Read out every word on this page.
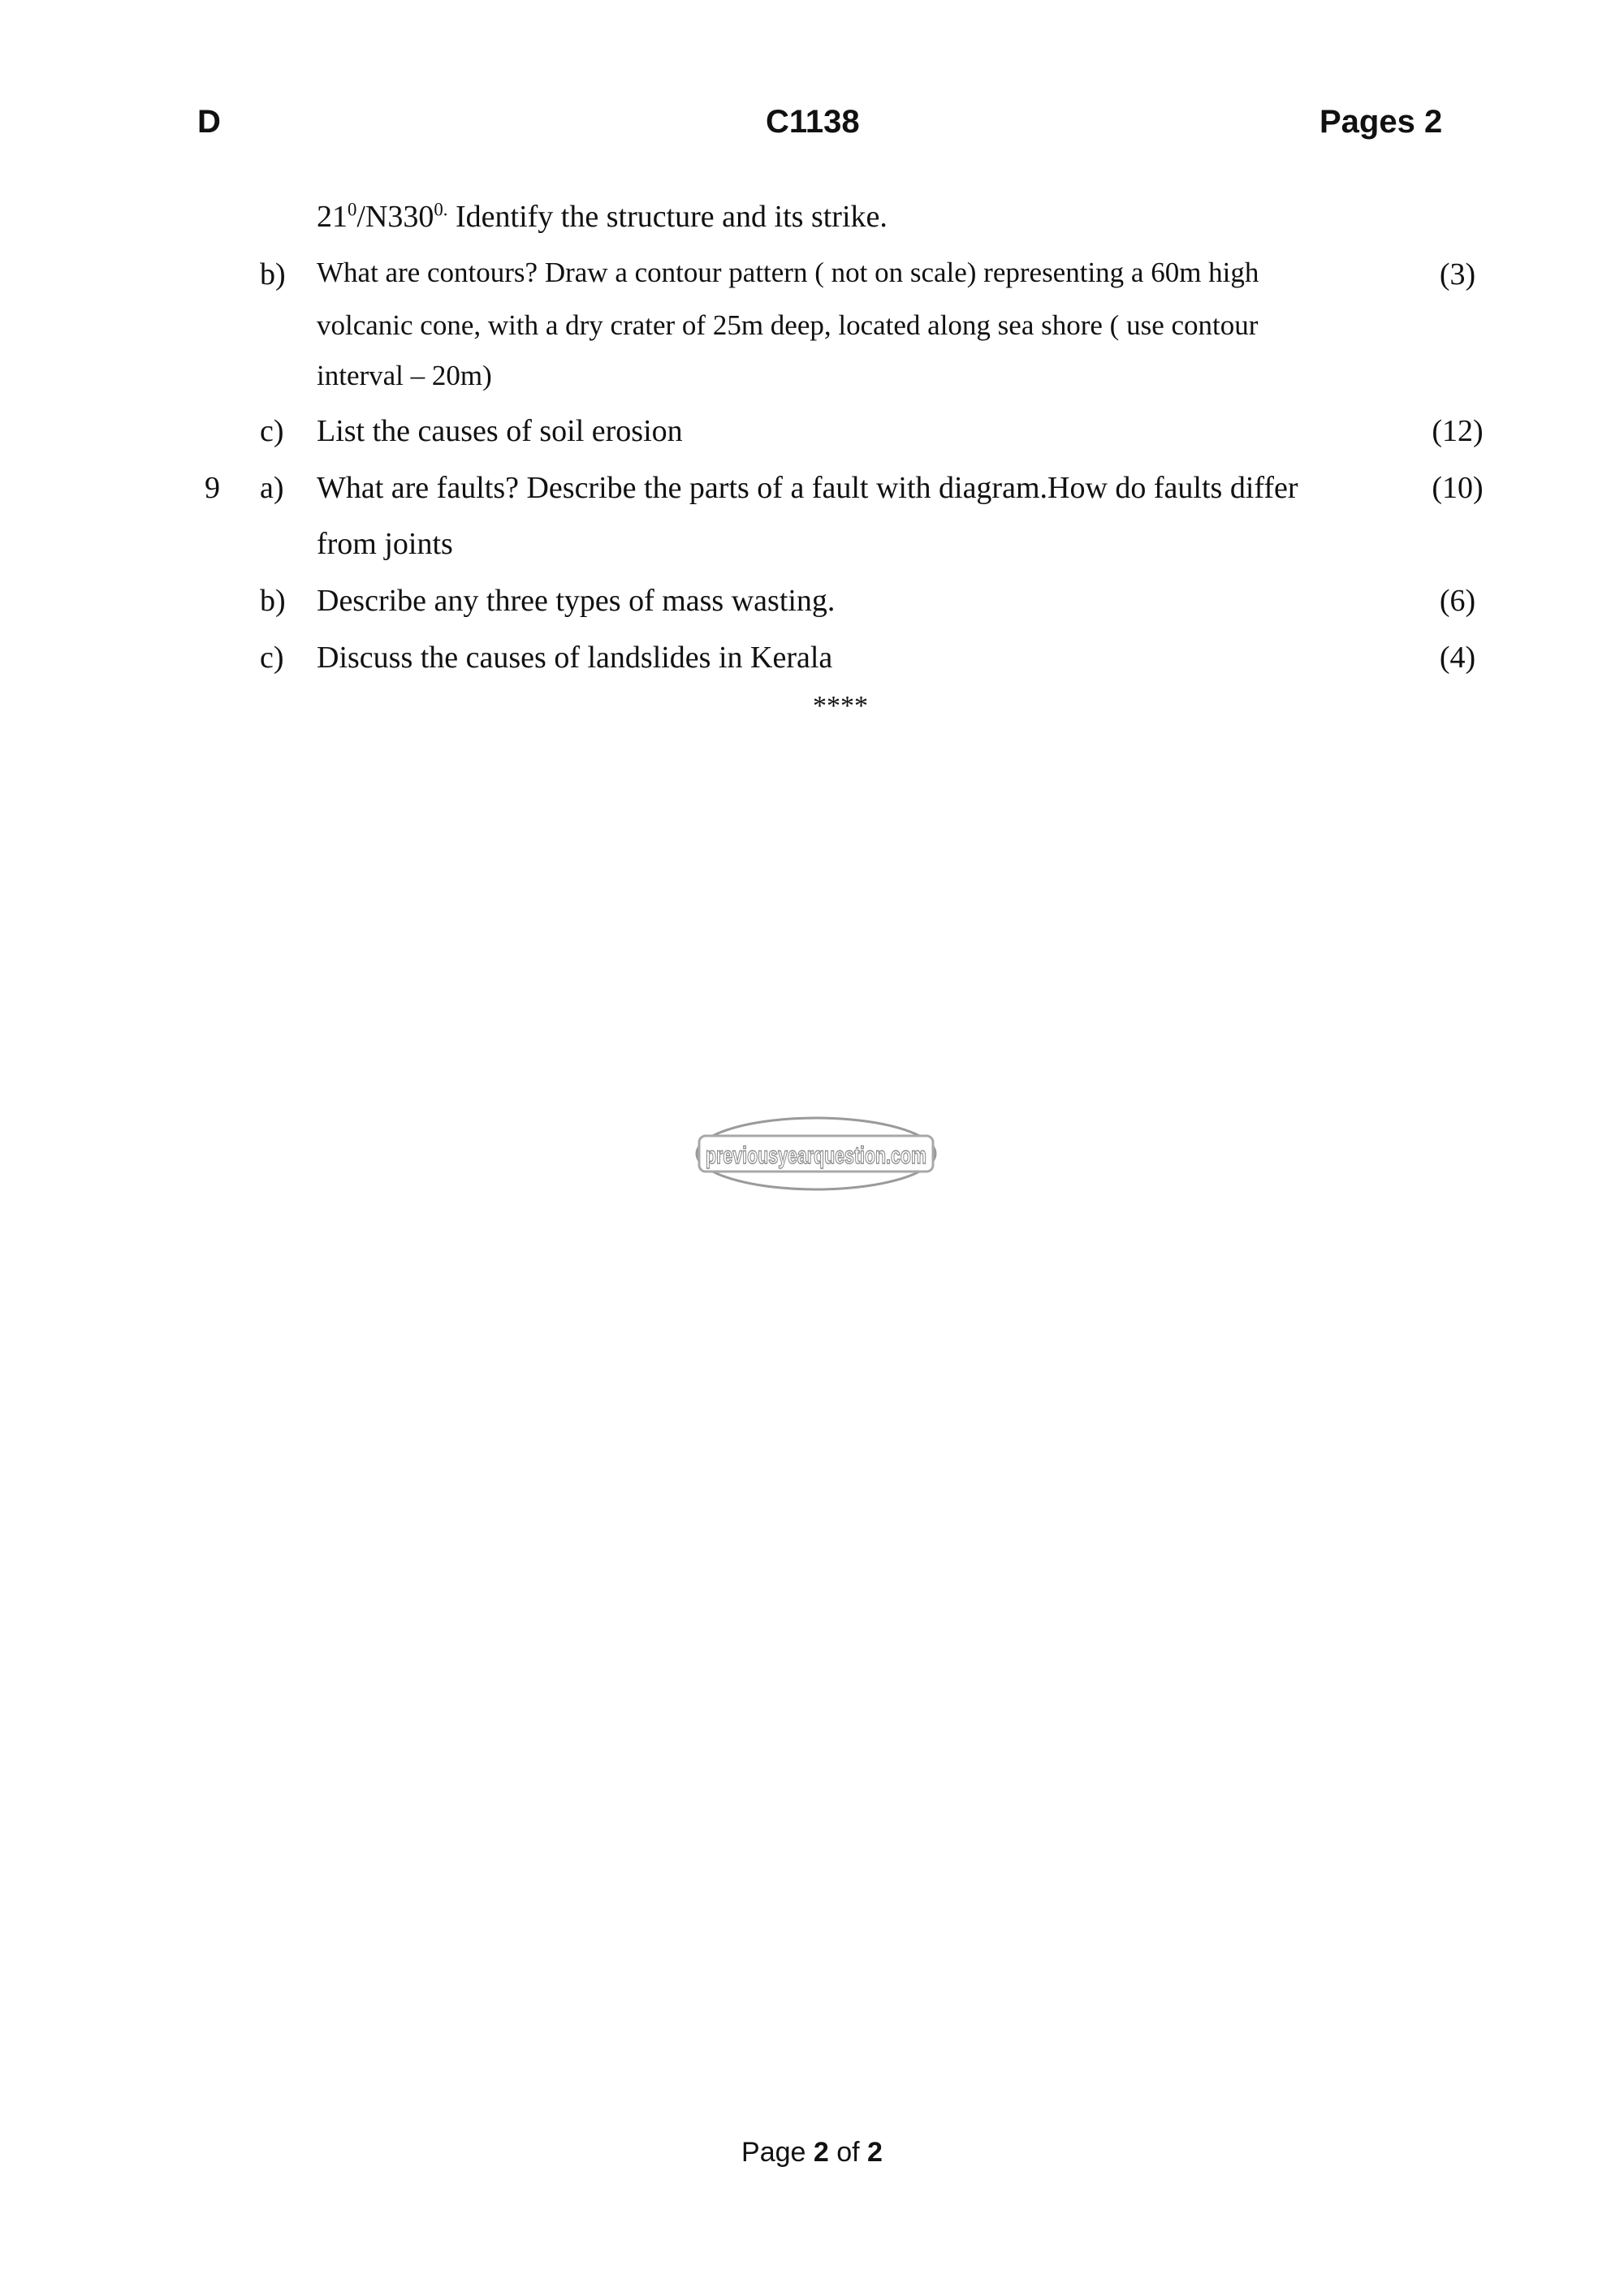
D	C1138	Pages 2
$21^0/N330^{0.}$ Identify the structure and its strike.
b) What are contours? Draw a contour pattern ( not on scale) representing a 60m high
volcanic cone, with a dry crater of 25m deep, located along sea shore ( use contour
interval – 20m)
(3)
c) List the causes of soil erosion	(12)
9 a) What are faults? Describe the parts of a fault with diagram.How do faults differ
from joints
(10)
b) Describe any three types of mass wasting.	(6)
c) Discuss the causes of landslides in Kerala	(4)
****
previousyearquestion.com
Page 2 of 2
